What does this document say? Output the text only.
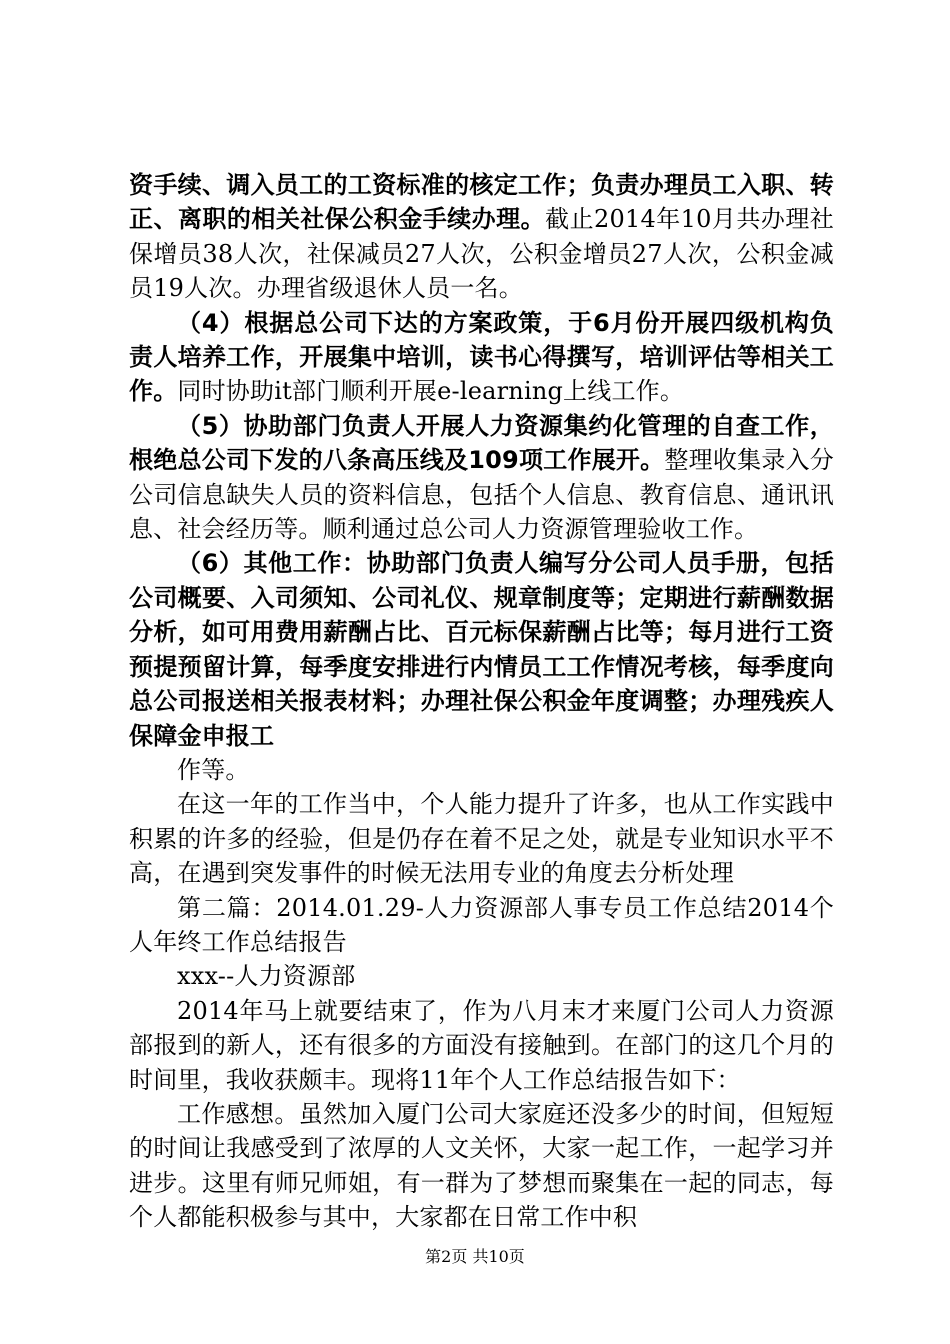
资手续、调入员工的工资标准的核定工作；负责办理员工入职、转正、离职的相关社保公积金手续办理。截止2014年10月共办理社保增员38人次，社保减员27人次，公积金增员27人次，公积金减员19人次。办理省级退休人员一名。

（4）根据总公司下达的方案政策，于6月份开展四级机构负责人培养工作，开展集中培训，读书心得撰写，培训评估等相关工作。同时协助it部门顺利开展e-learning上线工作。

（5）协助部门负责人开展人力资源集约化管理的自查工作，根绝总公司下发的八条高压线及109项工作展开。整理收集录入分公司信息缺失人员的资料信息，包括个人信息、教育信息、通讯讯息、社会经历等。顺利通过总公司人力资源管理验收工作。

（6）其他工作：协助部门负责人编写分公司人员手册，包括公司概要、入司须知、公司礼仪、规章制度等；定期进行薪酬数据分析，如可用费用薪酬占比、百元标保薪酬占比等；每月进行工资预提预留计算，每季度安排进行内情员工工作情况考核，每季度向总公司报送相关报表材料；办理社保公积金年度调整；办理残疾人保障金申报工

作等。

在这一年的工作当中，个人能力提升了许多，也从工作实践中积累的许多的经验，但是仍存在着不足之处，就是专业知识水平不高，在遇到突发事件的时候无法用专业的角度去分析处理

第二篇：2014.01.29-人力资源部人事专员工作总结2014个人年终工作总结报告

xxx--人力资源部

2014年马上就要结束了，作为八月末才来厦门公司人力资源部报到的新人，还有很多的方面没有接触到。在部门的这几个月的时间里，我收获颇丰。现将11年个人工作总结报告如下：

工作感想。虽然加入厦门公司大家庭还没多少的时间，但短短的时间让我感受到了浓厚的人文关怀，大家一起工作，一起学习并进步。这里有师兄师姐，有一群为了梦想而聚集在一起的同志，每个人都能积极参与其中，大家都在日常工作中积

第2页 共10页
